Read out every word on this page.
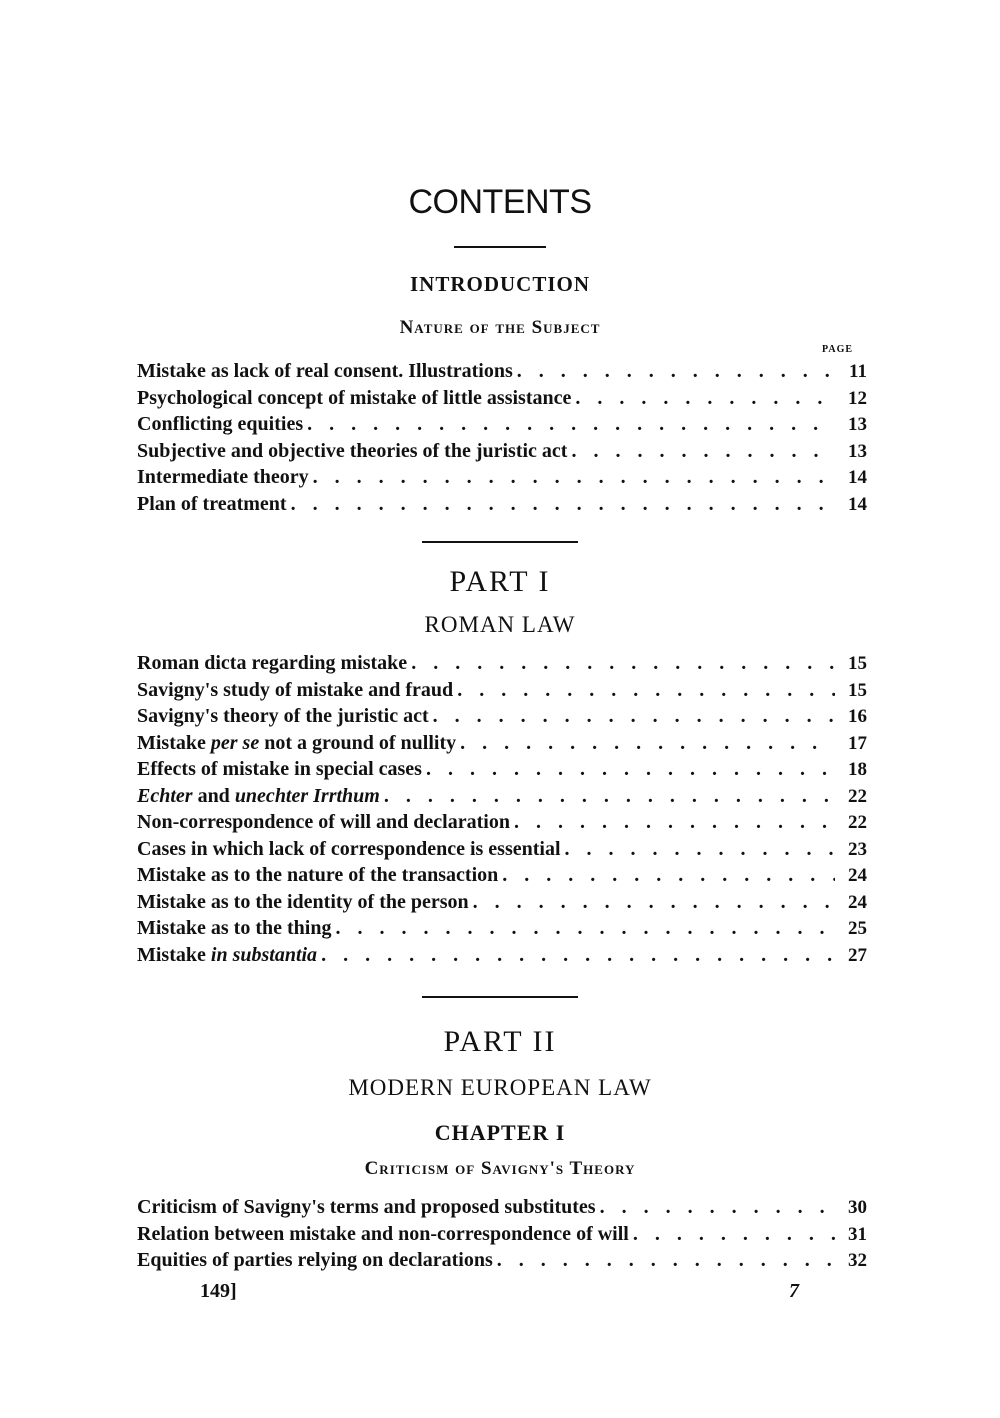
CONTENTS
INTRODUCTION
Nature of the Subject
PAGE
Mistake as lack of real consent. Illustrations . . .	11
Psychological concept of mistake of little assistance . . .	12
Conflicting equities . . .	13
Subjective and objective theories of the juristic act . . .	13
Intermediate theory . . .	14
Plan of treatment . . .	14
PART I
ROMAN LAW
Roman dicta regarding mistake . . .	15
Savigny's study of mistake and fraud . . .	15
Savigny's theory of the juristic act . . .	16
Mistake per se not a ground of nullity . . .	17
Effects of mistake in special cases . . .	18
Echter and unechter Irrthum . . .	22
Non-correspondence of will and declaration . . .	22
Cases in which lack of correspondence is essential . . .	23
Mistake as to the nature of the transaction . . .	24
Mistake as to the identity of the person . . .	24
Mistake as to the thing . . .	25
Mistake in substantia . . .	27
PART II
MODERN EUROPEAN LAW
CHAPTER I
Criticism of Savigny's Theory
Criticism of Savigny's terms and proposed substitutes . . .	30
Relation between mistake and non-correspondence of will . . .	31
Equities of parties relying on declarations . . .	32
149]	7
